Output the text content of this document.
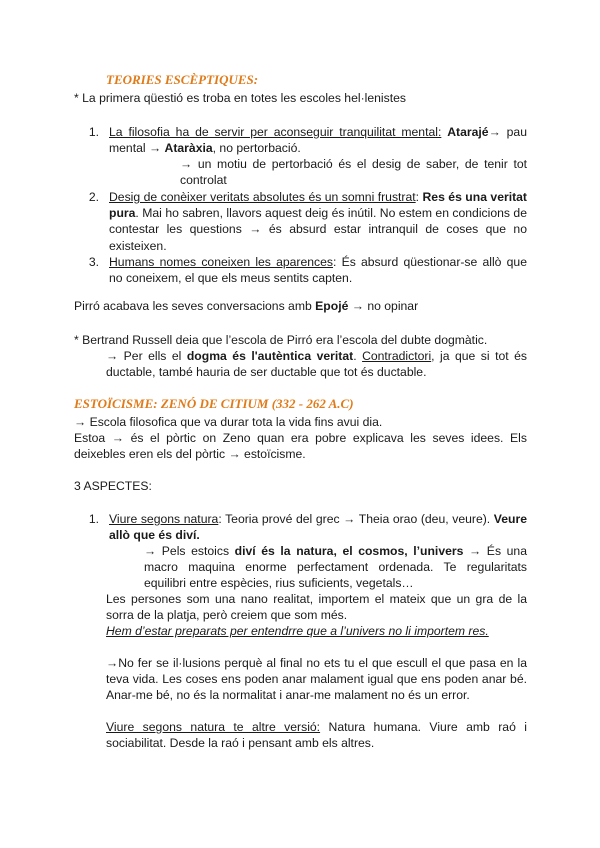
TEORIES ESCÈPTIQUES:
* La primera qüestió es troba en totes les escoles hel·lenistes
1. La filosofia ha de servir per aconseguir tranquilitat mental: Atarajé→ pau mental → Ataràxia, no pertorbació.
→ un motiu de pertorbació és el desig de saber, de tenir tot controlat
2. Desig de conèixer veritats absolutes és un somni frustrat: Res és una veritat pura. Mai ho sabren, llavors aquest deig és inútil. No estem en condicions de contestar les questions → és absurd estar intranquil de coses que no existeixen.
3. Humans nomes coneixen les aparences: És absurd qüestionar-se allò que no coneixem, el que els meus sentits capten.
Pirró acabava les seves conversacions amb Epojé → no opinar
* Bertrand Russell deia que l’escola de Pirró era l’escola del dubte dogmàtic.
→ Per ells el dogma és l'autèntica veritat. Contradictori, ja que si tot és ductable, també hauria de ser ductable que tot és ductable.
ESTOÏCISME: ZENÓ DE CITIUM (332 - 262 A.C)
→ Escola filosofica que va durar tota la vida fins avui dia.
Estoa → és el pòrtic on Zeno quan era pobre explicava les seves idees. Els deixebles eren els del pòrtic → estoïcisme.
3 ASPECTES:
1. Viure segons natura: Teoria prové del grec → Theia orao (deu, veure). Veure allò que és diví.
→ Pels estoics diví és la natura, el cosmos, l’univers → És una macro maquina enorme perfectament ordenada. Te regularitats equilibri entre espècies, rius suficients, vegetals…
Les persones som una nano realitat, importem el mateix que un gra de la sorra de la platja, però creiem que som més.
Hem d’estar preparats per entendrre que a l’univers no li importem res.
→No fer se il·lusions perquè al final no ets tu el que escull el que pasa en la teva vida. Les coses ens poden anar malament igual que ens poden anar bé. Anar-me bé, no és la normalitat i anar-me malament no és un error.
Viure segons natura te altre versió: Natura humana. Viure amb raó i sociabilitat. Desde la raó i pensant amb els altres.
